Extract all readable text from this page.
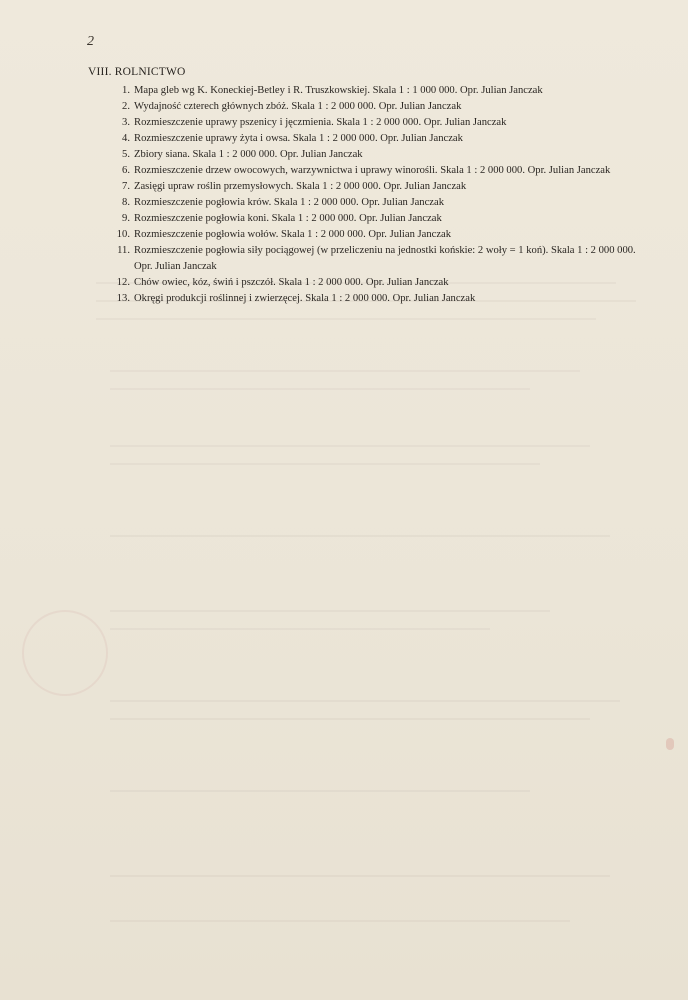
2
VIII. ROLNICTWO
1. Mapa gleb wg K. Koneckiej-Betley i R. Truszkowskiej. Skala 1 : 1 000 000. Opr. Julian Janczak
2. Wydajność czterech głównych zbóż. Skala 1 : 2 000 000. Opr. Julian Janczak
3. Rozmieszczenie uprawy pszenicy i jęczmienia. Skala 1 : 2 000 000. Opr. Julian Janczak
4. Rozmieszczenie uprawy żyta i owsa. Skala 1 : 2 000 000. Opr. Julian Janczak
5. Zbiory siana. Skala 1 : 2 000 000. Opr. Julian Janczak
6. Rozmieszczenie drzew owocowych, warzywnictwa i uprawy winorośli. Skala 1 : 2 000 000. Opr. Julian Janczak
7. Zasięgi upraw roślin przemysłowych. Skala 1 : 2 000 000. Opr. Julian Janczak
8. Rozmieszczenie pogłowia krów. Skala 1 : 2 000 000. Opr. Julian Janczak
9. Rozmieszczenie pogłowia koni. Skala 1 : 2 000 000. Opr. Julian Janczak
10. Rozmieszczenie pogłowia wołów. Skala 1 : 2 000 000. Opr. Julian Janczak
11. Rozmieszczenie pogłowia siły pociągowej (w przeliczeniu na jednostki końskie: 2 woły = 1 koń). Skala 1 : 2 000 000.
Opr. Julian Janczak
12. Chów owiec, kóz, świń i pszczół. Skala 1 : 2 000 000. Opr. Julian Janczak
13. Okręgi produkcji roślinnej i zwierzęcej. Skala 1 : 2 000 000. Opr. Julian Janczak
